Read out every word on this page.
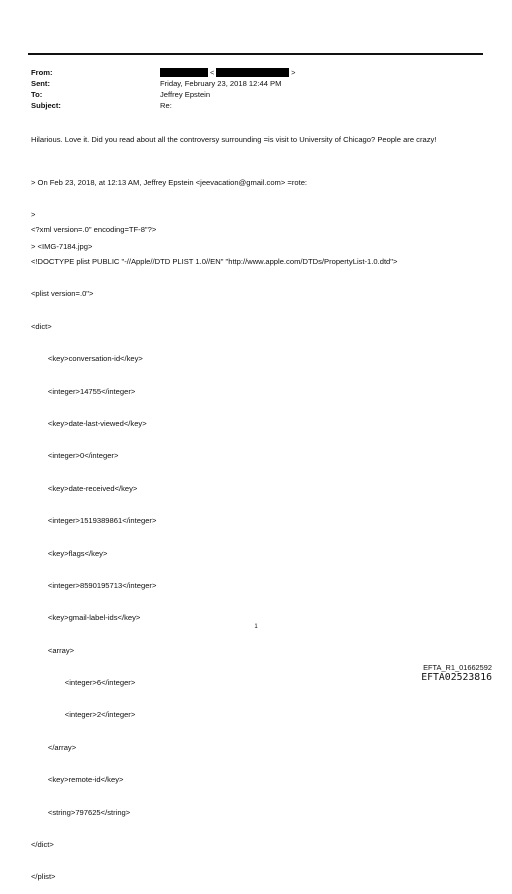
From:	<	>
Sent:	Friday, February 23, 2018 12:44 PM
To:	Jeffrey Epstein
Subject:	Re:
Hilarious. Love it. Did you read about all the controversy surrounding =is visit to University of Chicago? People are crazy!

> On Feb 23, 2018, at 12:13 AM, Jeffrey Epstein <jeevacation@gmail.com> =rote:

>

> <IMG-7184.jpg>

<?xml version=.0" encoding=TF-8"?>

<!DOCTYPE plist PUBLIC "-//Apple//DTD PLIST 1.0//EN" "http://www.apple.com/DTDs/PropertyList-1.0.dtd">

<plist version=.0">

<dict>

<key>conversation-id</key>

<integer>14755</integer>

<key>date-last-viewed</key>

<integer>0</integer>

<key>date-received</key>

<integer>1519389861</integer>

<key>flags</key>

<integer>8590195713</integer>

<key>gmail-label-ids</key>

<array>

<integer>6</integer>

<integer>2</integer>

</array>

<key>remote-id</key>

<string>797625</string>

</dict>

</plist>

1
EFTA_R1_01662592
EFTA02523816
